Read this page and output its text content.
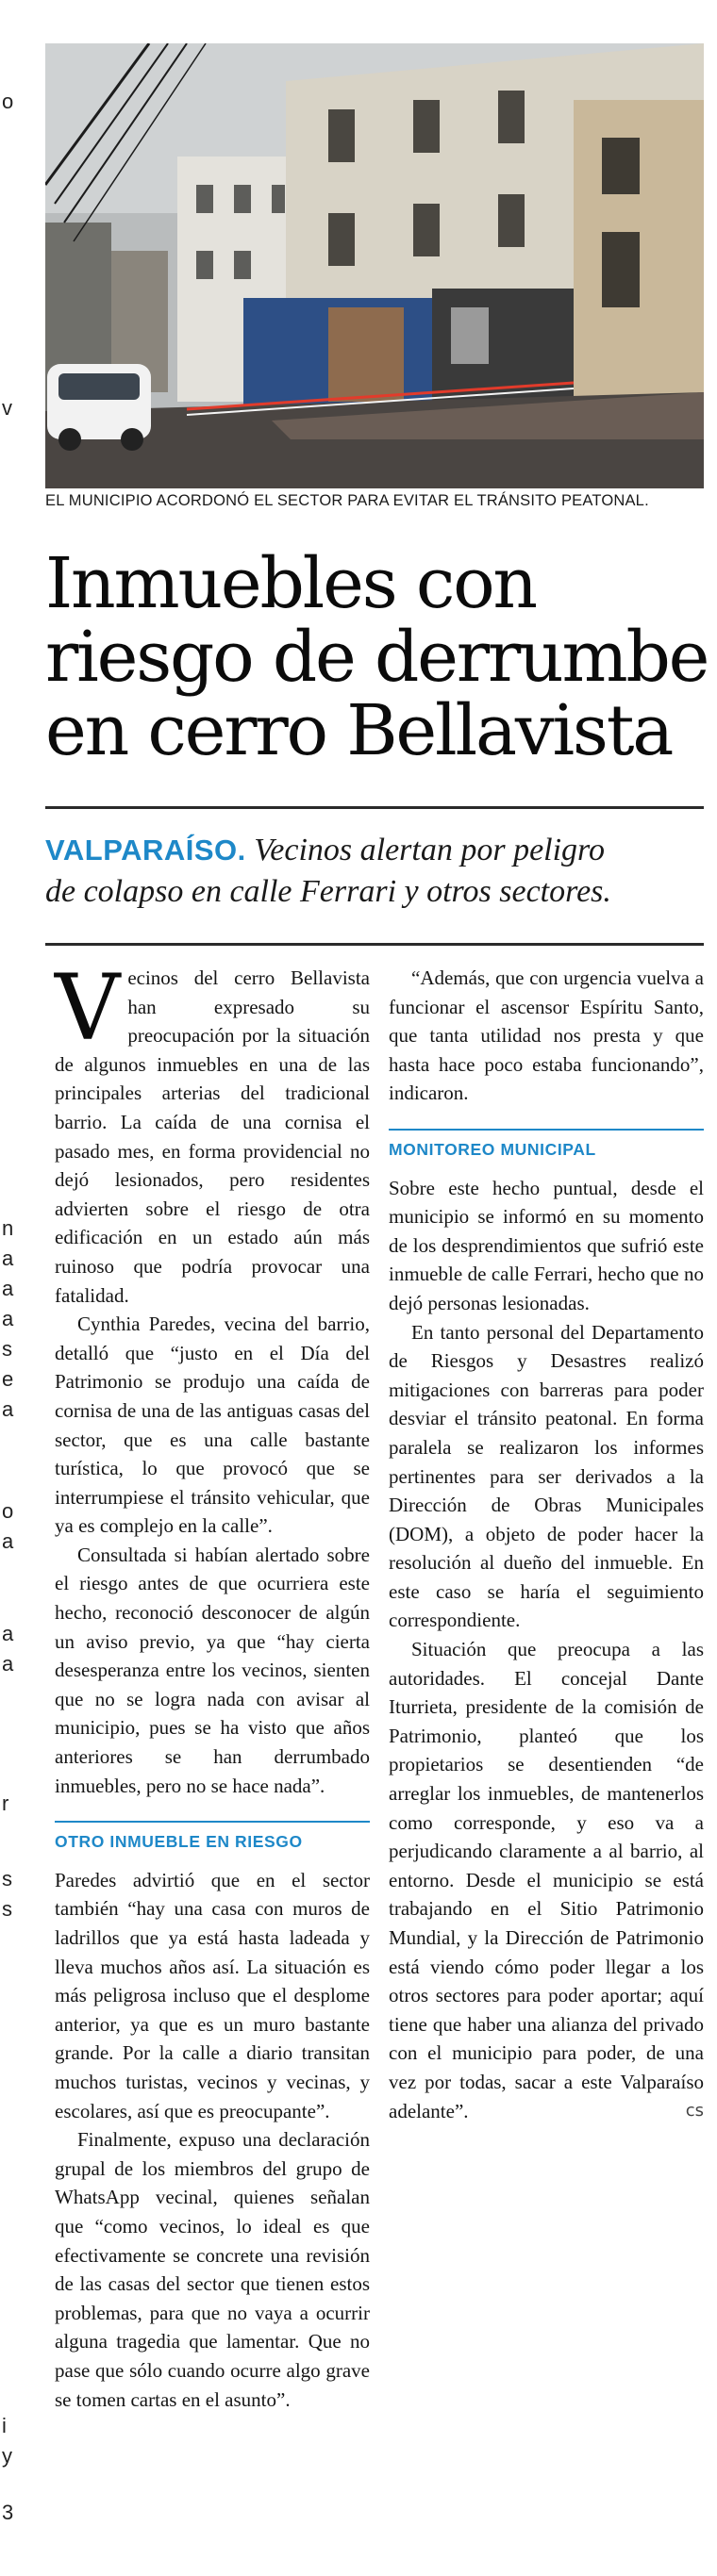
o
v
n
a
a
a
s
e
a
o
a
a
a
r
s
s
i
y
3
EL MUNICIPIO ACORDONÓ EL SECTOR PARA EVITAR EL TRÁNSITO PEATONAL.
Inmuebles con
riesgo de derrumbe
en cerro Bellavista
VALPARAÍSO. Vecinos alertan por peligro
de colapso en calle Ferrari y otros sectores.

Vecinos del cerro Bellavista han expresado su preocupación por la situación de algunos inmuebles en una de las principales arterias del tradicional barrio. La caída de una cornisa el pasado mes, en forma providencial no dejó lesionados, pero residentes advierten sobre el riesgo de otra edificación en un estado aún más ruinoso que podría provocar una fatalidad.

Cynthia Paredes, vecina del barrio, detalló que “justo en el Día del Patrimonio se produjo una caída de cornisa de una de las antiguas casas del sector, que es una calle bastante turística, lo que provocó que se interrumpiese el tránsito vehicular, que ya es complejo en la calle”.

Consultada si habían alertado sobre el riesgo antes de que ocurriera este hecho, reconoció desconocer de algún un aviso previo, ya que “hay cierta desesperanza entre los vecinos, sienten que no se logra nada con avisar al municipio, pues se ha visto que años anteriores se han derrumbado inmuebles, pero no se hace nada”.

OTRO INMUEBLE EN RIESGO

Paredes advirtió que en el sector también “hay una casa con muros de ladrillos que ya está hasta ladeada y lleva muchos años así. La situación es más peligrosa incluso que el desplome anterior, ya que es un muro bastante grande. Por la calle a diario transitan muchos turistas, vecinos y vecinas, y escolares, así que es preocupante”.

Finalmente, expuso una declaración grupal de los miembros del grupo de WhatsApp vecinal, quienes señalan que “como vecinos, lo ideal es que efectivamente se concrete una revisión de las casas del sector que tienen estos problemas, para que no vaya a ocurrir alguna tragedia que lamentar. Que no pase que sólo cuando ocurre algo grave se tomen cartas en el asunto”.

“Además, que con urgencia vuelva a funcionar el ascensor Espíritu Santo, que tanta utilidad nos presta y que hasta hace poco estaba funcionando”, indicaron.

MONITOREO MUNICIPAL

Sobre este hecho puntual, desde el municipio se informó en su momento de los desprendimientos que sufrió este inmueble de calle Ferrari, hecho que no dejó personas lesionadas.

En tanto personal del Departamento de Riesgos y Desastres realizó mitigaciones con barreras para poder desviar el tránsito peatonal. En forma paralela se realizaron los informes pertinentes para ser derivados a la Dirección de Obras Municipales (DOM), a objeto de poder hacer la resolución al dueño del inmueble. En este caso se haría el seguimiento correspondiente.

Situación que preocupa a las autoridades. El concejal Dante Iturrieta, presidente de la comisión de Patrimonio, planteó que los propietarios se desentienden “de arreglar los inmuebles, de mantenerlos como corresponde, y eso va a perjudicando claramente a al barrio, al entorno. Desde el municipio se está trabajando en el Sitio Patrimonio Mundial, y la Dirección de Patrimonio está viendo cómo poder llegar a los otros sectores para poder aportar; aquí tiene que haber una alianza del privado con el municipio para poder, de una vez por todas, sacar a este Valparaíso adelante”.	cs
